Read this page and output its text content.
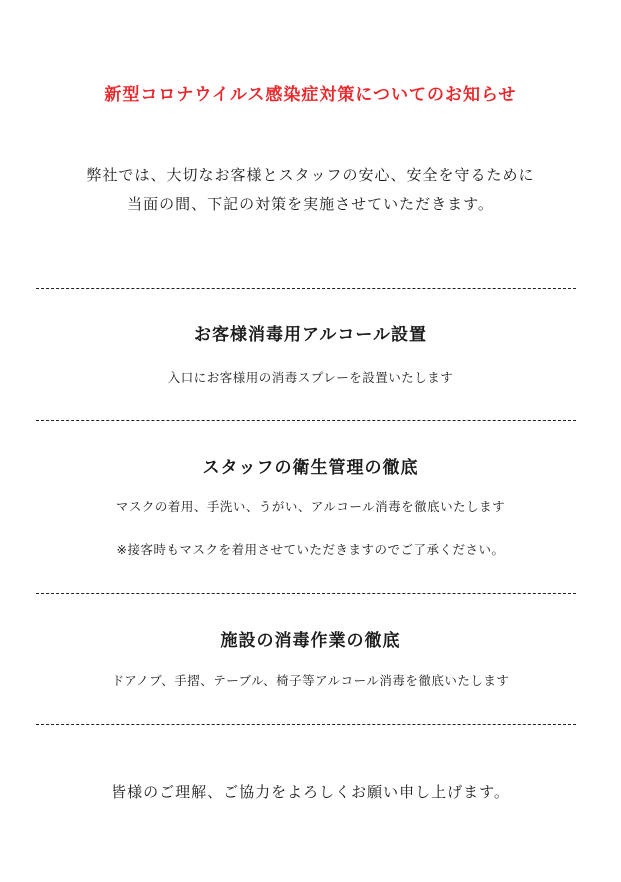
新型コロナウイルス感染症対策についてのお知らせ

弊社では、大切なお客様とスタッフの安心、安全を守るために

当面の間、下記の対策を実施させていただきます。

お客様消毒用アルコール設置

入口にお客様用の消毒スプレーを設置いたします

スタッフの衛生管理の徹底

マスクの着用、手洗い、うがい、アルコール消毒を徹底いたします

※接客時もマスクを着用させていただきますのでご了承ください。

施設の消毒作業の徹底

ドアノブ、手摺、テーブル、椅子等アルコール消毒を徹底いたします

皆様のご理解、ご協力をよろしくお願い申し上げます。
